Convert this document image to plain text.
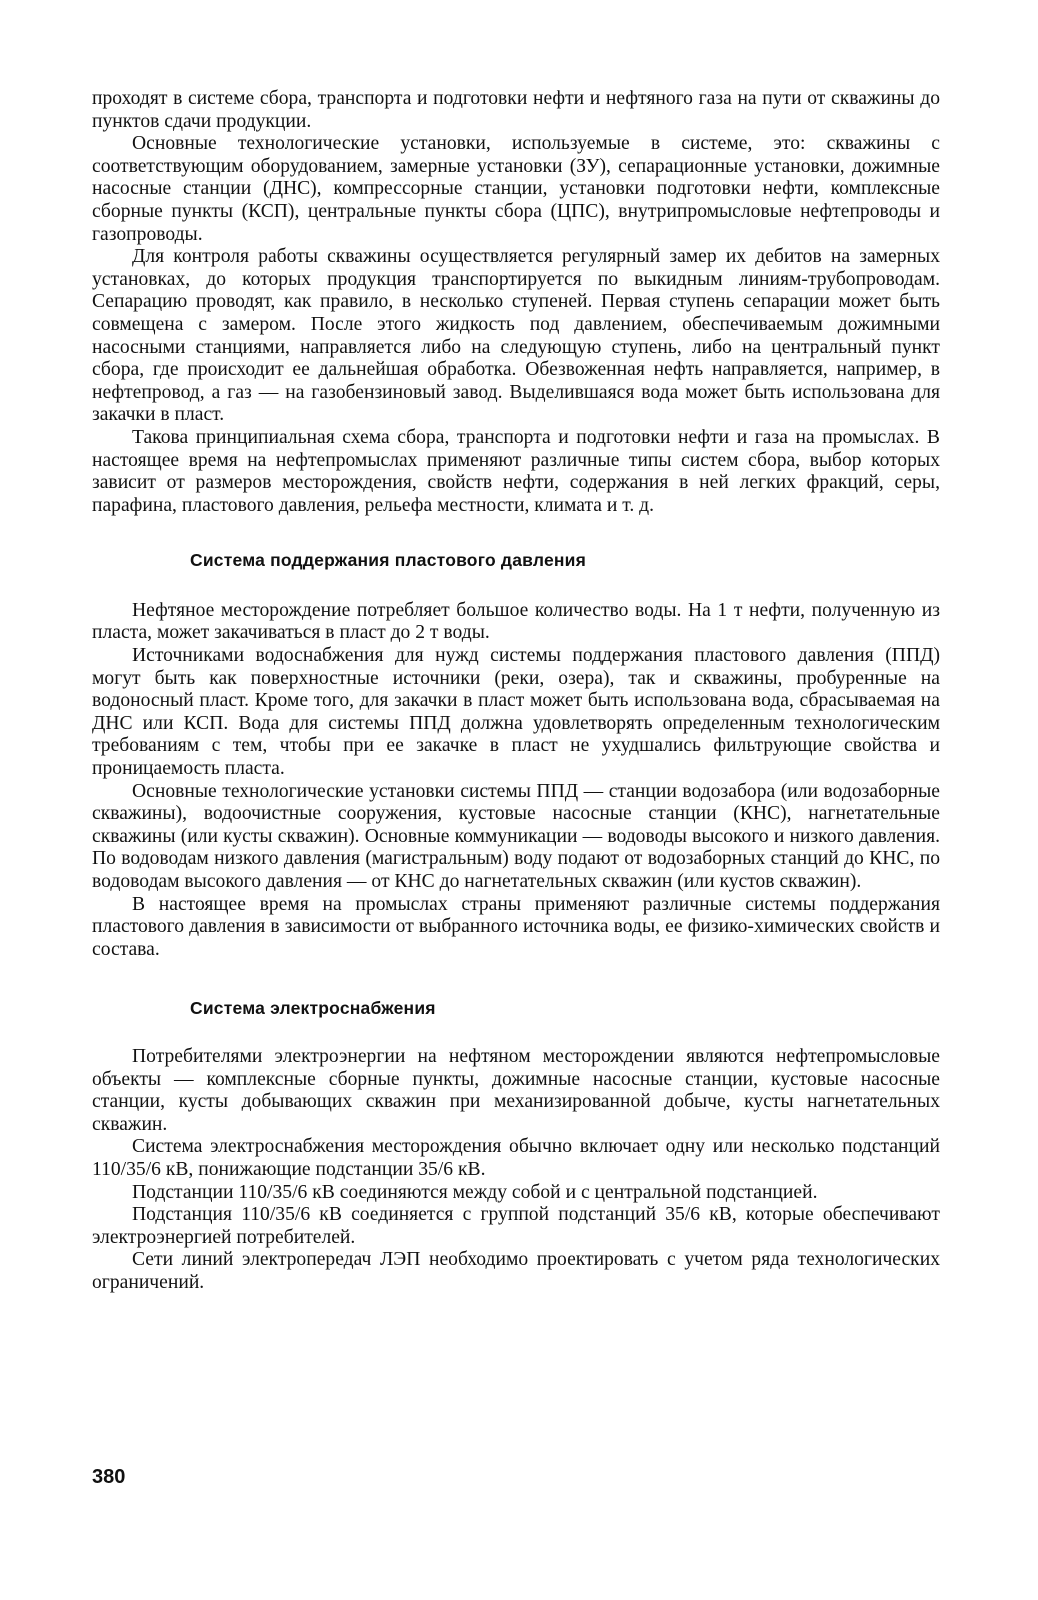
проходят в системе сбора, транспорта и подготовки нефти и нефтяного газа на пути от скважины до пунктов сдачи продукции.

Основные технологические установки, используемые в системе, это: скважины с соответствующим оборудованием, замерные установки (ЗУ), сепарационные установки, дожимные насосные станции (ДНС), компрессорные станции, установки подготовки нефти, комплексные сборные пункты (КСП), центральные пункты сбора (ЦПС), внутрипромысловые нефтепроводы и газопроводы.

Для контроля работы скважины осуществляется регулярный замер их дебитов на замерных установках, до которых продукция транспортируется по выкидным линиям-трубопроводам. Сепарацию проводят, как правило, в несколько ступеней. Первая ступень сепарации может быть совмещена с замером. После этого жидкость под давлением, обеспечиваемым дожимными насосными станциями, направляется либо на следующую ступень, либо на центральный пункт сбора, где происходит ее дальнейшая обработка. Обезвоженная нефть направляется, например, в нефтепровод, а газ — на газобензиновый завод. Выделившаяся вода может быть использована для закачки в пласт.

Такова принципиальная схема сбора, транспорта и подготовки нефти и газа на промыслах. В настоящее время на нефтепромыслах применяют различные типы систем сбора, выбор которых зависит от размеров месторождения, свойств нефти, содержания в ней легких фракций, серы, парафина, пластового давления, рельефа местности, климата и т. д.

Система поддержания пластового давления

Нефтяное месторождение потребляет большое количество воды. На 1 т нефти, полученную из пласта, может закачиваться в пласт до 2 т воды.

Источниками водоснабжения для нужд системы поддержания пластового давления (ППД) могут быть как поверхностные источники (реки, озера), так и скважины, пробуренные на водоносный пласт. Кроме того, для закачки в пласт может быть использована вода, сбрасываемая на ДНС или КСП. Вода для системы ППД должна удовлетворять определенным технологическим требованиям с тем, чтобы при ее закачке в пласт не ухудшались фильтрующие свойства и проницаемость пласта.

Основные технологические установки системы ППД — станции водозабора (или водозаборные скважины), водоочистные сооружения, кустовые насосные станции (КНС), нагнетательные скважины (или кусты скважин). Основные коммуникации — водоводы высокого и низкого давления. По водоводам низкого давления (магистральным) воду подают от водозаборных станций до КНС, по водоводам высокого давления — от КНС до нагнетательных скважин (или кустов скважин).

В настоящее время на промыслах страны применяют различные системы поддержания пластового давления в зависимости от выбранного источника воды, ее физико-химических свойств и состава.

Система электроснабжения

Потребителями электроэнергии на нефтяном месторождении являются нефтепромысловые объекты — комплексные сборные пункты, дожимные насосные станции, кустовые насосные станции, кусты добывающих скважин при механизированной добыче, кусты нагнетательных скважин.

Система электроснабжения месторождения обычно включает одну или несколько подстанций 110/35/6 кВ, понижающие подстанции 35/6 кВ.

Подстанции 110/35/6 кВ соединяются между собой и с центральной подстанцией.

Подстанция 110/35/6 кВ соединяется с группой подстанций 35/6 кВ, которые обеспечивают электроэнергией потребителей.

Сети линий электропередач ЛЭП необходимо проектировать с учетом ряда технологических ограничений.

380
